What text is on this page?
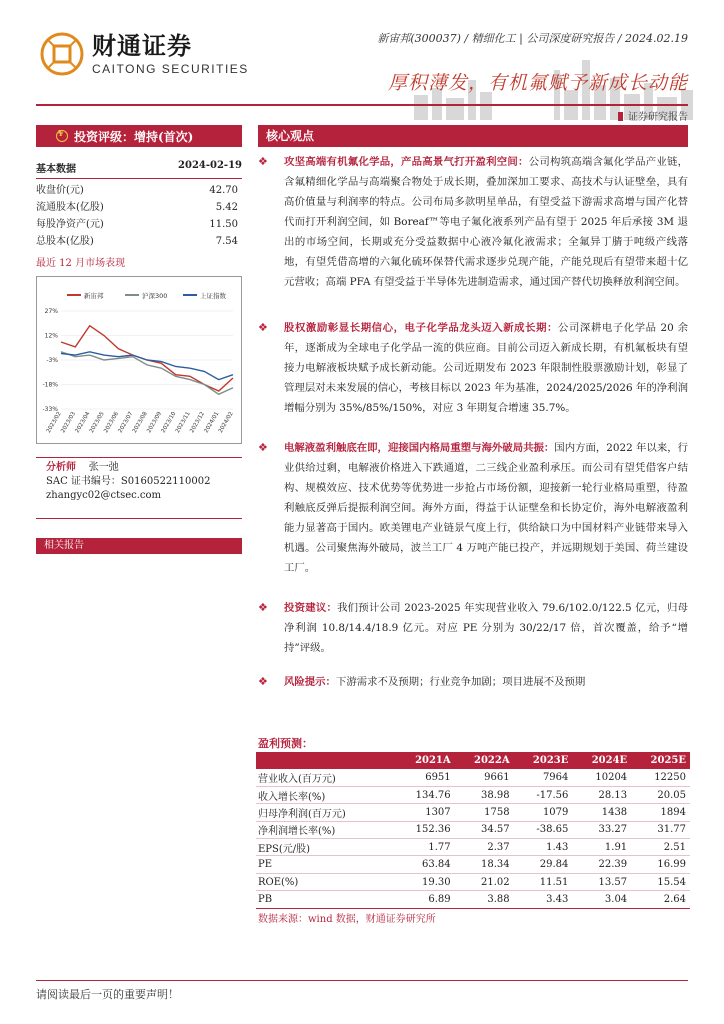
财通证券
CAITONG SECURITIES
新宙邦(300037) / 精细化工 | 公司深度研究报告 / 2024.02.19
厚积薄发，有机氟赋予新成长动能
证券研究报告
¥
投资评级：增持(首次)
基本数据	2024-02-19
收盘价(元)	42.70
流通股本(亿股)	5.42
每股净资产(元)	11.50
总股本(亿股)	7.54
最近 12 月市场表现
新宙邦	沪深300	上证指数
27%
12%
-3%
-18%
-33%
2023/02
2023/03
2023/04
2023/05
2023/06
2023/07
2023/08
2023/09
2023/10
2023/11
2023/12
2024/01
2024/02
分析师 张一弛
SAC 证书编号：S0160522110002
zhangyc02@ctsec.com
相关报告
核心观点
❖ 攻坚高端有机氟化学品，产品高景气打开盈利空间：公司构筑高端含氟化学品产业链，含氟精细化学品与高端聚合物处于成长期，叠加深加工要求、高技术与认证壁垒，具有高价值量与利润率的特点。公司布局多款明星单品，有望受益下游需求高增与国产化替代而打开利润空间，如 Boreaf™等电子氟化液系列产品有望于 2025 年后承接 3M 退出的市场空间，长期或充分受益数据中心液冷氟化液需求；全氟异丁腈于吨级产线落地，有望凭借高增的六氟化硫环保替代需求逐步兑现产能，产能兑现后有望带来超十亿元营收；高端 PFA 有望受益于半导体先进制造需求，通过国产替代切换释放利润空间。
❖ 股权激励彰显长期信心，电子化学品龙头迈入新成长期：公司深耕电子化学品 20 余年，逐渐成为全球电子化学品一流的供应商。目前公司迈入新成长期，有机氟板块有望接力电解液板块赋予成长新动能。公司近期发布 2023 年限制性股票激励计划，彰显了管理层对未来发展的信心，考核目标以 2023 年为基准，2024/2025/2026 年的净利润增幅分别为 35%/85%/150%，对应 3 年期复合增速 35.7%。
❖ 电解液盈利触底在即，迎接国内格局重塑与海外破局共振：国内方面，2022 年以来，行业供给过剩，电解液价格进入下跌通道，二三线企业盈利承压。而公司有望凭借客户结构、规模效应、技术优势等优势进一步抢占市场份额，迎接新一轮行业格局重塑，待盈利触底反弹后提振利润空间。海外方面，得益于认证壁垒和长协定价，海外电解液盈利能力显著高于国内。欧美锂电产业链景气度上行，供给缺口为中国材料产业链带来导入机遇。公司聚焦海外破局，波兰工厂 4 万吨产能已投产，并远期规划于美国、荷兰建设工厂。
❖ 投资建议：我们预计公司 2023-2025 年实现营业收入 79.6/102.0/122.5 亿元，归母净利润 10.8/14.4/18.9 亿元。对应 PE 分别为 30/22/17 倍，首次覆盖，给予“增持”评级。
❖ 风险提示：下游需求不及预期；行业竞争加剧；项目进展不及预期
盈利预测：
	2021A	2022A	2023E	2024E	2025E
营业收入(百万元)	6951	9661	7964	10204	12250
收入增长率(%)	134.76	38.98	-17.56	28.13	20.05
归母净利润(百万元)	1307	1758	1079	1438	1894
净利润增长率(%)	152.36	34.57	-38.65	33.27	31.77
EPS(元/股)	1.77	2.37	1.43	1.91	2.51
PE	63.84	18.34	29.84	22.39	16.99
ROE(%)	19.30	21.02	11.51	13.57	15.54
PB	6.89	3.88	3.43	3.04	2.64
数据来源：wind 数据，财通证券研究所
请阅读最后一页的重要声明！
